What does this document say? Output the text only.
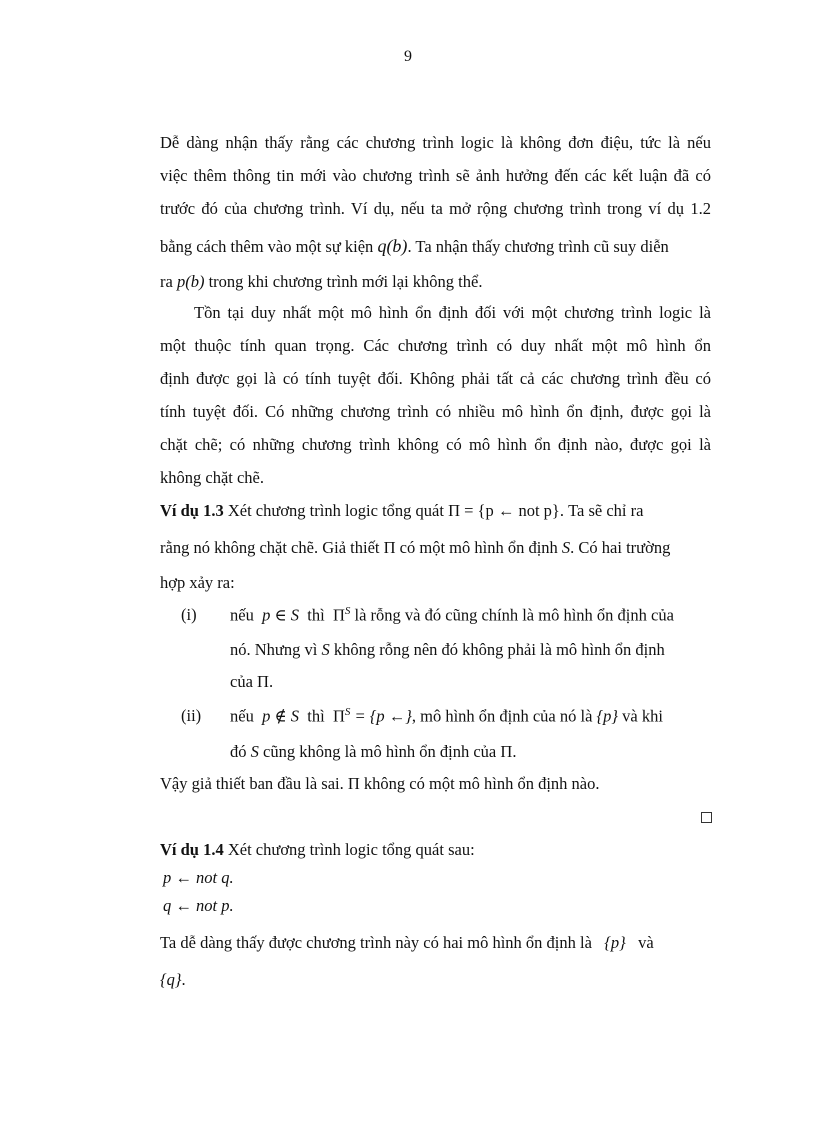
9
Dễ dàng nhận thấy rằng các chương trình logic là không đơn điệu, tức là nếu
việc thêm thông tin mới vào chương trình sẽ ảnh hưởng đến các kết luận đã có
trước đó của chương trình. Ví dụ, nếu ta mở rộng chương trình trong ví dụ 1.2
bằng cách thêm vào một sự kiện q(b). Ta nhận thấy chương trình cũ suy diễn
ra p(b) trong khi chương trình mới lại không thể.
Tồn tại duy nhất một mô hình ổn định đối với một chương trình logic là
một thuộc tính quan trọng. Các chương trình có duy nhất một mô hình ổn
định được gọi là có tính tuyệt đối. Không phải tất cả các chương trình đều có
tính tuyệt đối. Có những chương trình có nhiều mô hình ổn định, được gọi là
chặt chẽ; có những chương trình không có mô hình ổn định nào, được gọi là
không chặt chẽ.
Ví dụ 1.3 Xét chương trình logic tổng quát Π = {p ← not p}. Ta sẽ chỉ ra
rằng nó không chặt chẽ. Giả thiết Π có một mô hình ổn định S. Có hai trường
hợp xảy ra:
(i) nếu p ∈ S thì $\Pi^S$ là rỗng và đó cũng chính là mô hình ổn định của
nó. Nhưng vì S không rỗng nên đó không phải là mô hình ổn định
của Π.
(ii) nếu p ∉ S thì $\Pi^S = \{p$ ←}, mô hình ổn định của nó là {p} và khi
đó S cũng không là mô hình ổn định của Π.
Vậy giả thiết ban đầu là sai. Π không có một mô hình ổn định nào.
Ví dụ 1.4 Xét chương trình logic tổng quát sau:
p ← not q.
q ← not p.
Ta dễ dàng thấy được chương trình này có hai mô hình ổn định là {p} và
{q}.
